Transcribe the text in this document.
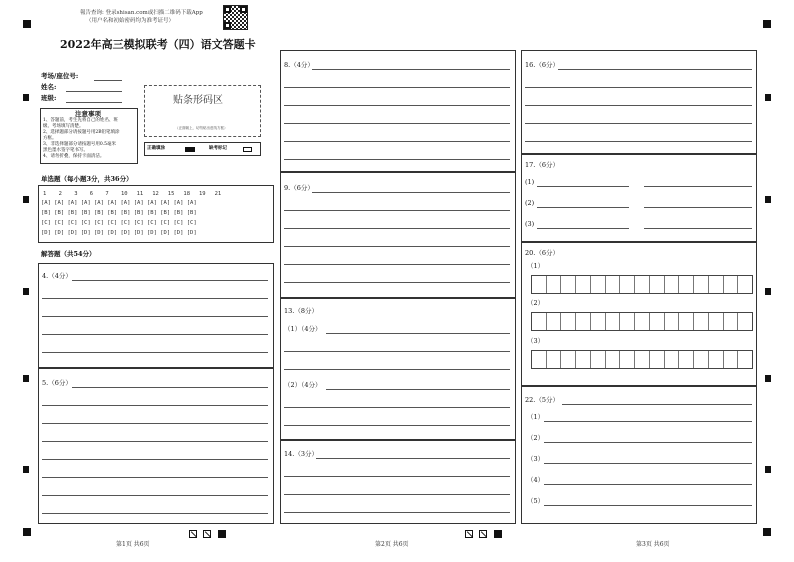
報告查询: 登录shisan.com或扫描二维码下载App
（用户名和初始密码均为准考证号）
2022年高三模拟联考（四）语文答题卡
考场/座位号:
姓名:
班级:	贴条形码区
（正面朝上，切勿贴出虚线方框）
注意事项
1、答题前，考生先将自己的姓名、班
级、考场填写清楚。
2、选择题部分请按题号用2B铅笔填涂
方框。
3、非选择题部分请按题号用0.5毫米
黑色墨水签字笔书写。
4、请勿折叠，保持卡面清洁。
正确填涂	缺考标记
单选题（每小题3分，共36分）
1 2 3 6 7 10 11 12 15 18 19 21
[A] [A] [A] [A] [A] [A] [A] [A] [A] [A] [A] [A]
[B] [B] [B] [B] [B] [B] [B] [B] [B] [B] [B] [B]
[C] [C] [C] [C] [C] [C] [C] [C] [C] [C] [C] [C]
[D] [D] [D] [D] [D] [D] [D] [D] [D] [D] [D] [D]
解答题（共54分）
4.（4分）
5.（6分）
8.（4分）
9.（6分）
13.（8分）
（1）（4分）
（2）（4分）
14.（3分）
16.（6分）
17.（6分）
(1)
(2)
(3)
20.（6分）
（1）
（2）
（3）
22.（5分）
（1）
（2）
（3）
（4）
（5）
第1页 共6页	第2页 共6页	第3页 共6页
